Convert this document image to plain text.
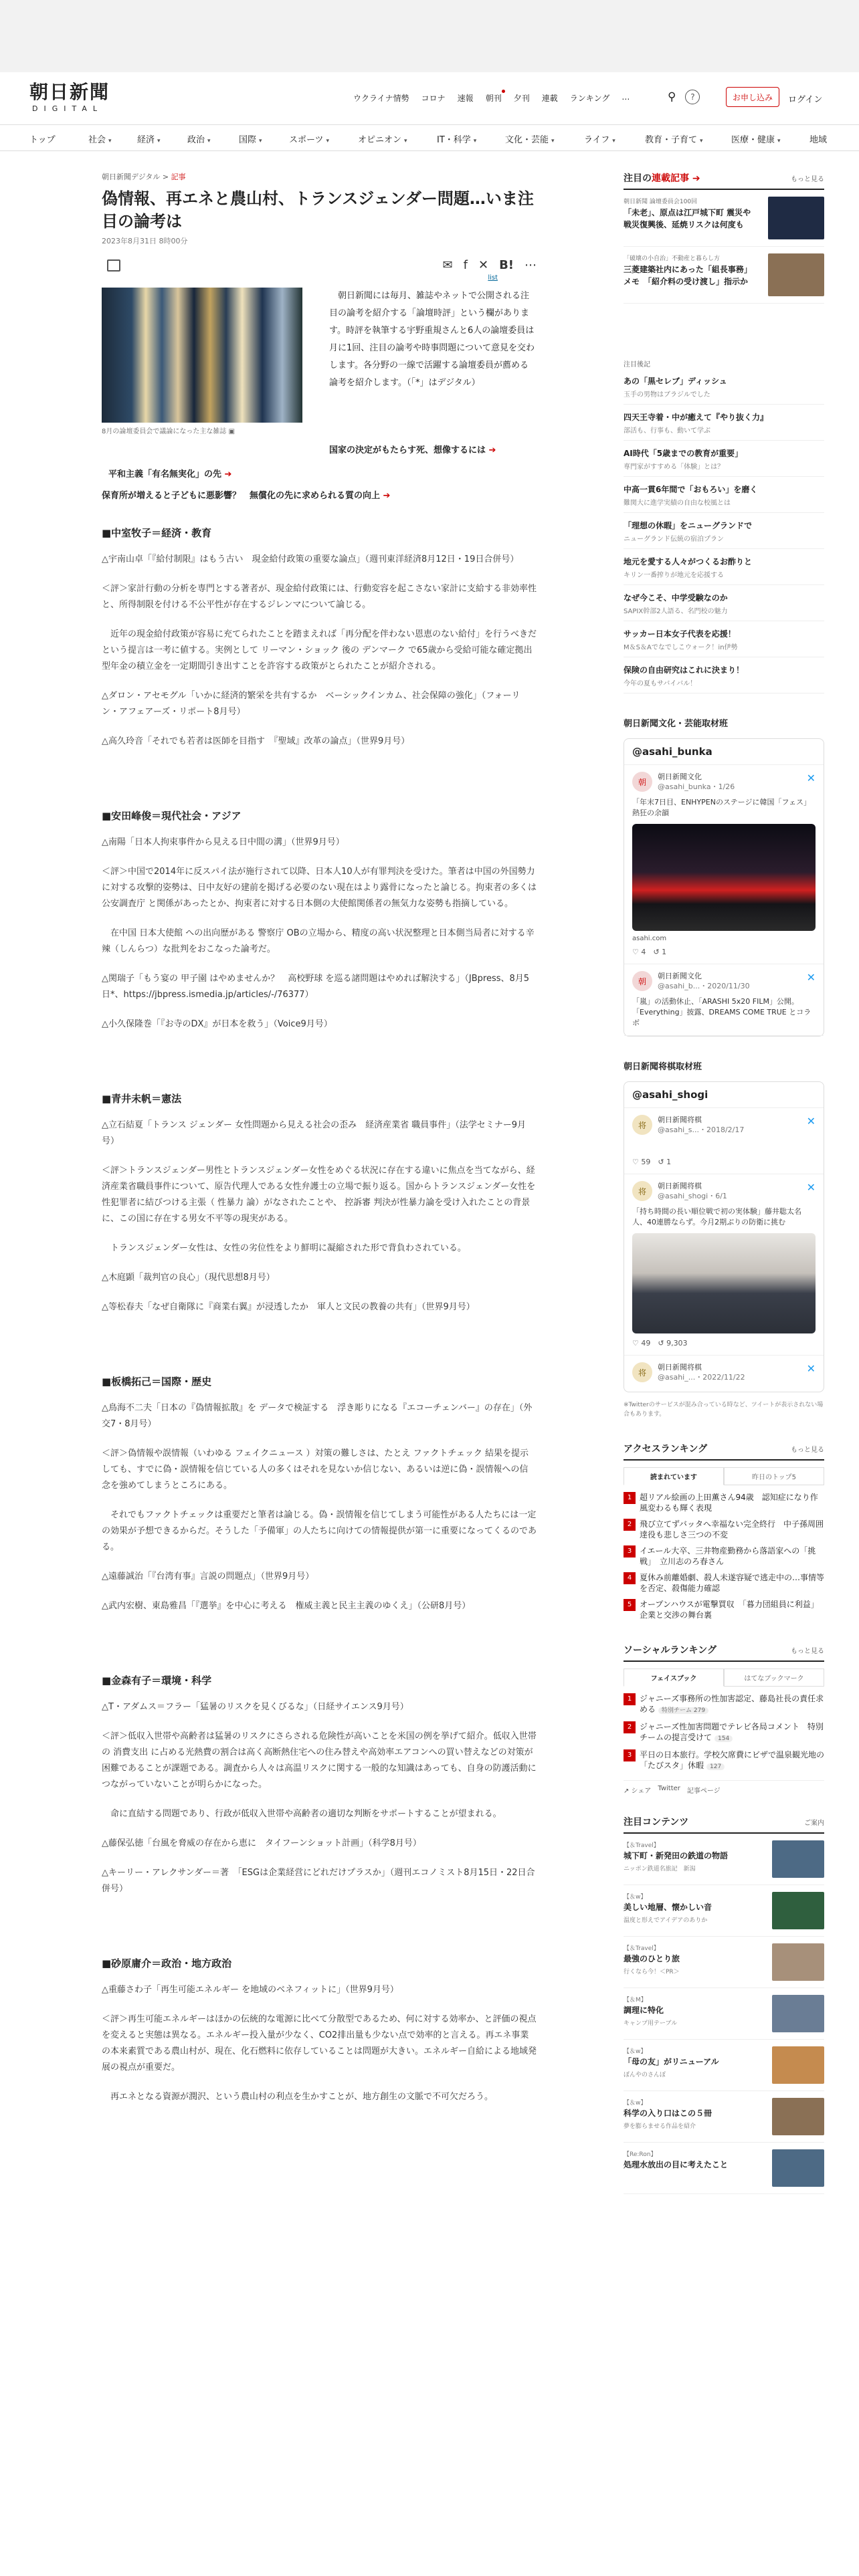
朝日新聞
DIGITAL
ウクライナ情勢 コロナ 速報 朝刊 夕刊 連載 ランキング …	⚲	?	お申し込み	ログイン
トップ	社会 ▾	経済 ▾	政治 ▾	国際 ▾	スポーツ ▾	オピニオン ▾	IT・科学 ▾	文化・芸能 ▾	ライフ ▾	教育・子育て ▾	医療・健康 ▾	地域
朝日新聞デジタル > 記事
偽情報、再エネと農山村、トランスジェンダー問題…いま注目の論考は
2023年8月31日 8時00分
✉ f ✕ B! ⋯
list
8月の論壇委員会で議論になった主な雑誌 ▣

朝日新聞には毎月、雑誌やネットで公開される注目の論考を紹介する「論壇時評」という欄があります。時評を執筆する宇野重規さんと6人の論壇委員は月に1回、注目の論考や時事問題について意見を交わします。各分野の一線で活躍する論壇委員が薦める論考を紹介します。（「*」はデジタル）

国家の決定がもたらす死、想像するには ➔
平和主義「有名無実化」の先 ➔
保育所が増えると子どもに悪影響？　無償化の先に求められる質の向上 ➔
■中室牧子＝経済・教育

△宇南山卓「『給付制限』はもう古い　現金給付政策の重要な論点」（週刊東洋経済8月12日・19日合併号）

＜評＞家計行動の分析を専門とする著者が、現金給付政策には、行動変容を起こさない家計に支給する非効率性と、所得制限を付ける不公平性が存在するジレンマについて論じる。

近年の現金給付政策が容易に充てられたことを踏まえれば「再分配を伴わない恩恵のない給付」を行うべきだという提言は一考に値する。実例として リーマン・ショック 後の デンマーク で65歳から受給可能な確定拠出型年金の積立金を一定期間引き出すことを許容する政策がとられたことが紹介される。

△ダロン・アセモグル「いかに経済的繁栄を共有するか　ベーシックインカム、社会保障の強化」（フォーリン・アフェアーズ・リポート8月号）

△高久玲音「それでも若者は医師を目指す　『聖域』改革の論点」（世界9月号）

■安田峰俊＝現代社会・アジア

△南陽「日本人拘束事件から見える日中間の溝」（世界9月号）

＜評＞中国で2014年に反スパイ法が施行されて以降、日本人10人が有罪判決を受けた。筆者は中国の外国勢力に対する攻撃的姿勢は、日中友好の建前を掲げる必要のない現在はより露骨になったと論じる。拘束者の多くは 公安調査庁 と関係があったとか、拘束者に対する日本側の大使館関係者の無気力な姿勢も指摘している。

在中国 日本大使館 への出向歴がある 警察庁 OBの立場から、精度の高い状況整理と日本側当局者に対する辛辣（しんらつ）な批判をおこなった論考だ。

△関瑞子「もう宴の 甲子園 はやめませんか？　高校野球 を巡る諸問題はやめれば解決する」（JBpress、8月5日*、https://jbpress.ismedia.jp/articles/-/76377）

△小久保隆巻「『お寺のDX』が日本を救う」（Voice9月号）

■青井未帆＝憲法

△立石結夏「トランス ジェンダー 女性問題から見える社会の歪み　経済産業省 職員事件」（法学セミナー9月号）

＜評＞トランスジェンダー男性とトランスジェンダー女性をめぐる状況に存在する違いに焦点を当てながら、経済産業省職員事件について、原告代理人である女性弁護士の立場で振り返る。国からトランスジェンダー女性を性犯罪者に結びつける主張（ 性暴力 論）がなされたことや、 控訴審 判決が性暴力論を受け入れたことの背景に、この国に存在する男女不平等の現実がある。

トランスジェンダー女性は、女性の劣位性をより鮮明に凝縮された形で背負わされている。

△木庭顕「裁判官の良心」（現代思想8月号）

△等松春夫「なぜ自衛隊に『商業右翼』が浸透したか　軍人と文民の教養の共有」（世界9月号）

■板橋拓己＝国際・歴史

△鳥海不二夫「日本の『偽情報拡散』を データで検証する　浮き彫りになる『エコーチェンバー』の存在」（外交7・8月号）

＜評＞偽情報や誤情報（いわゆる フェイクニュース ）対策の難しさは、たとえ ファクトチェック 結果を提示しても、すでに偽・誤情報を信じている人の多くはそれを見ないか信じない、あるいは逆に偽・誤情報への信念を強めてしまうところにある。

それでもファクトチェックは重要だと筆者は論じる。偽・誤情報を信じてしまう可能性がある人たちには一定の効果が予想できるからだ。そうした「予備軍」の人たちに向けての情報提供が第一に重要になってくるのである。

△遠藤誠治「『台湾有事』言説の問題点」（世界9月号）

△武内宏樹、東島雅昌「『選挙』を中心に考える　権威主義と民主主義のゆくえ」（公研8月号）

■金森有子＝環境・科学

△T・アダムス＝フラー「猛暑のリスクを見くびるな」（日経サイエンス9月号）

＜評＞低収入世帯や高齢者は猛暑のリスクにさらされる危険性が高いことを米国の例を挙げて紹介。低収入世帯の 消費支出 に占める光熱費の割合は高く高断熱住宅への住み替えや高効率エアコンへの買い替えなどの対策が困難であることが課題である。調査から人々は高温リスクに関する一般的な知識はあっても、自身の防護活動につながっていないことが明らかになった。

命に直結する問題であり、行政が低収入世帯や高齢者の適切な判断をサポートすることが望まれる。

△藤保弘徳「台風を脅威の存在から恵に　タイフーンショット計画」（科学8月号）

△キーリー・アレクサンダー＝著　「ESGは企業経営にどれだけプラスか」（週刊エコノミスト8月15日・22日合併号）

■砂原庸介＝政治・地方政治

△重藤さわ子「再生可能エネルギー を地域のベネフィットに」（世界9月号）

＜評＞再生可能エネルギーはほかの伝統的な電源に比べて分散型であるため、何に対する効率か、と評価の視点を変えると実態は異なる。エネルギー投入量が少なく、CO2排出量も少ない点で効率的と言える。再エネ事業の本来素質である農山村が、現在、化石燃料に依存していることは問題が大きい。エネルギー自給による地域発展の視点が重要だ。

再エネとなる資源が潤沢、という農山村の利点を生かすことが、地方創生の文脈で不可欠だろう。

注目の連載記事 ➔	もっと見る
朝日新聞 論壇委員会100回
「未老」、原点は江戸城下町 震災や戦災復興後、延焼リスクは何度も
「破壊の小自治」不動産と暮らし方
三菱建築社内にあった「組長事務」メモ　「紹介料の受け渡し」指示か
注目後記
あの「黒セレブ」ディッシュ
玉手の男物はブラジルでした
四天王寺着・中が癒えて『やり抜く力』
部活も、行事も、動いて学ぶ
AI時代「5歳までの教育が重要」
専門家がすすめる「体験」とは？
中高一貫6年間で「おもろい」を磨く
難関大に進学実績の自由な校風とは
「理想の休暇」をニューグランドで
ニューグランド伝統の宿泊プラン
地元を愛する人々がつくるお酢りと
キリン一番搾りが地元を応援する
なぜ今こそ、中学受験なのか
SAPIX幹部2人語る、名門校の魅力
サッカー日本女子代表を応援！
M＆S＆Aでなでしこウォーク！in伊勢
保険の自由研究はこれに決まり！
今年の夏もサバイバル！
朝日新聞文化・芸能取材班
@asahi_bunka
朝
朝日新聞文化
@asahi_bunka・1/26
✕
「年末7日目、ENHYPENのステージに韓国「フェス」熱狂の余韻
asahi.com
♡ 4　↺ 1
朝
朝日新聞文化
@asahi_b...・2020/11/30
✕
「嵐」の活動休止、「ARASHI 5x20 FILM」公開。「Everything」披露、DREAMS COME TRUE とコラボ
朝日新聞将棋取材班
@asahi_shogi
将
朝日新聞将棋
@asahi_s...・2018/2/17
✕
♡ 59　↺ 1
将
朝日新聞将棋
@asahi_shogi・6/1
✕
「持ち時間の長い順位戦で初の実体験」藤井聡太名人、40連勝ならず。今月2期ぶりの防衛に挑む
♡ 49　↺ 9,303
将
朝日新聞将棋
@asahi_...・2022/11/22
✕
※Twitterのサービスが混み合っている時など、ツイートが表示されない場合もあります。
アクセスランキング	もっと見る
読まれています	昨日のトップ5
1 超リアル絵画の上田薫さん94歳　認知症になり作風変わるも輝く表現
2 飛び立てずバッタへ幸福ない完全終行　中子孫周囲達役も悲しさ三つの不変
3 イエール大卒、三井物産勤務から落語家への「挑戦」　立川志のろ春さん
4 夏休み前離婚劇、殺人未遂容疑で逃走中の…事情等を否定、殺傷能力確認
5 オープンハウスが電撃買収　「暮力団組員に利益」企業と交渉の舞台裏
ソーシャルランキング	もっと見る
フェイスブック	はてなブックマーク
1 ジャニーズ事務所の性加害認定、藤島社長の責任求める 特別チーム 279
2 ジャニーズ性加害問題でテレビ各局コメント　特別チームの提言受けて 154
3 平日の日本旅行。学校欠席費にビザで温泉観光地の「たびスタ」休暇 127
↗ シェア Twitter 記事ページ
注目コンテンツ	ご案内
【＆Travel】
城下町・新発田の鉄道の物語
ニッポン鉄道名旅記　新潟
【＆w】
美しい地層、懐かしい音
温度と形えでアイデアのありか
【＆Travel】
最強のひとり旅
行くなら今！＜PR＞
【＆M】
調理に特化
キャンプ用テーブル
【＆w】
「母の友」がリニューアル
ぼんやのさんぽ
【＆w】
科学の入り口はこの５冊
夢を膨らませる作品を紹介
【Re:Ron】
処理水放出の目に考えたこと
